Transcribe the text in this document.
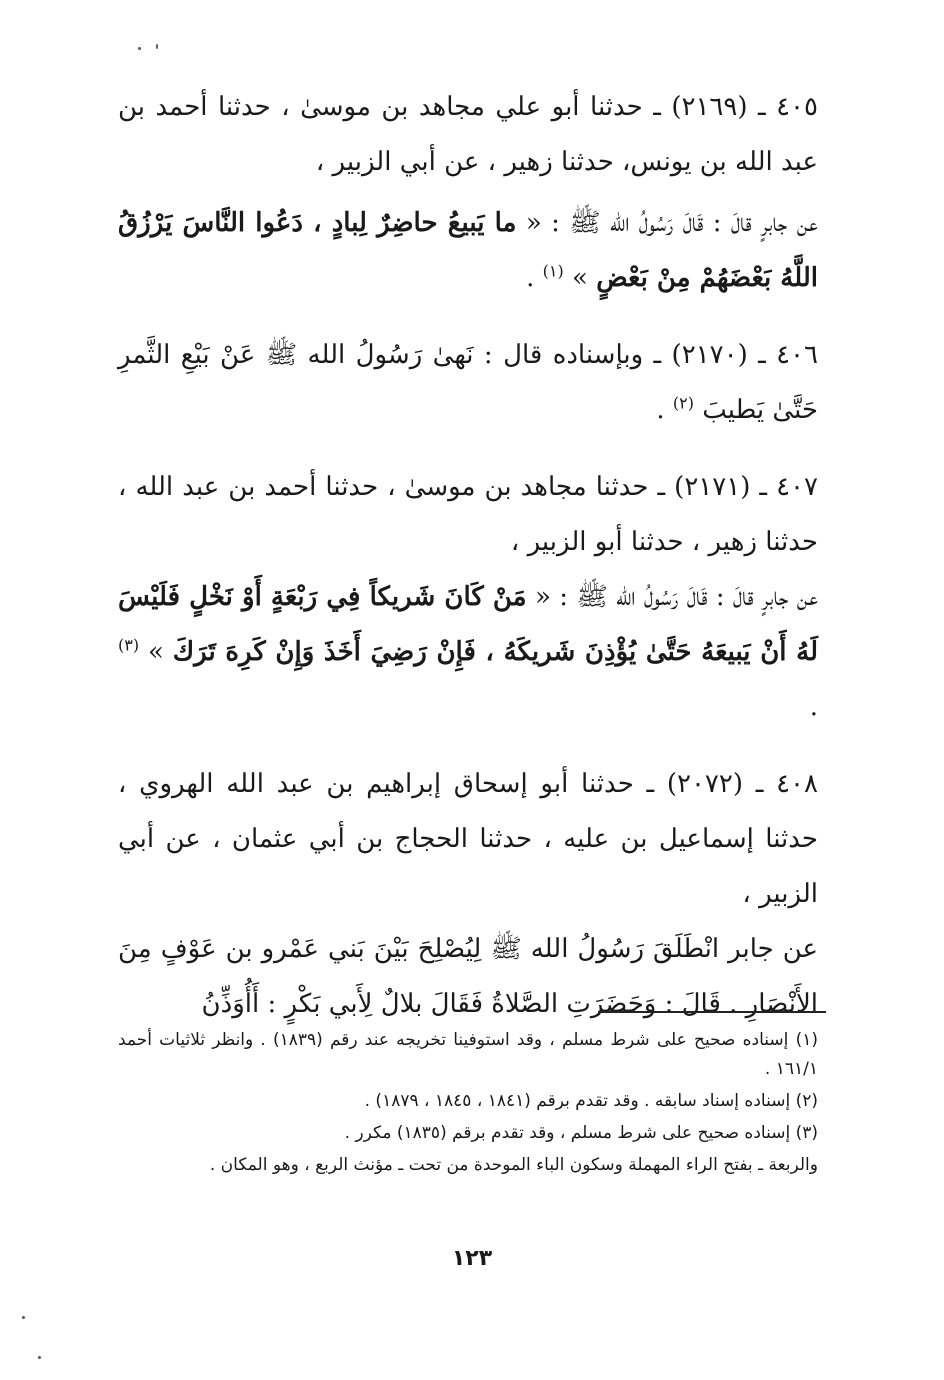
٤٠٥ ـ (٢١٦٩) ـ حدثنا أبو علي مجاهد بن موسىٰ ، حدثنا أحمد بن عبد الله بن يونس، حدثنا زهير ، عن أبي الزبير ،

عن جابرٍ قالَ : قَالَ رَسُولُ الله ﷺ : « ما يَبيعُ حاضِرٌ لِبادٍ ، دَعُوا النَّاسَ يَرْزُقُ اللَّهُ بَعْضَهُمْ مِنْ بَعْضٍ » $^{(١)}$ .

٤٠٦ ـ (٢١٧٠) ـ وبإسناده قال : نَهىٰ رَسُولُ الله ﷺ عَنْ بَيْعِ الثَّمرِ حَتَّىٰ يَطيبَ $^{(٢)}$ .

٤٠٧ ـ (٢١٧١) ـ حدثنا مجاهد بن موسىٰ ، حدثنا أحمد بن عبد الله ، حدثنا زهير ، حدثنا أبو الزبير ،

عن جابرٍ قالَ : قَالَ رَسُولُ الله ﷺ : « مَنْ كَانَ شَريكاً فِي رَبْعَةٍ أَوْ نَخْلٍ فَلَيْسَ لَهُ أَنْ يَبيعَهُ حَتَّىٰ يُؤْذِنَ شَريكَهُ ، فَإِنْ رَضِيَ أَخَذَ وَإِنْ كَرِهَ تَرَكَ » $^{(٣)}$ .

٤٠٨ ـ (٢٠٧٢) ـ حدثنا أبو إسحاق إبراهيم بن عبد الله الهروي ، حدثنا إسماعيل بن عليه ، حدثنا الحجاج بن أبي عثمان ، عن أبي الزبير ،

عن جابر انْطَلَقَ رَسُولُ الله ﷺ لِيُصْلِحَ بَيْنَ بَني عَمْرو بن عَوْفٍ مِنَ الأَنْصَارِ . قَالَ : وَحَضَرَتِ الصَّلاةُ فَقَالَ بلالٌ لِأَبي بَكْرٍ : أَأُوَذِّنُ

(١) إسناده صحيح على شرط مسلم ، وقد استوفينا تخريجه عند رقم (١٨٣٩) . وانظر ثلاثيات أحمد ١٦١/١ .

(٢) إسناده إسناد سابقه . وقد تقدم برقم (١٨٤١ ، ١٨٤٥ ، ١٨٧٩) .

(٣) إسناده صحيح على شرط مسلم ، وقد تقدم برقم (١٨٣٥) مكرر .

والربعة ـ بفتح الراء المهملة وسكون الباء الموحدة من تحت ـ مؤنث الربع ، وهو المكان .

١٢٣
